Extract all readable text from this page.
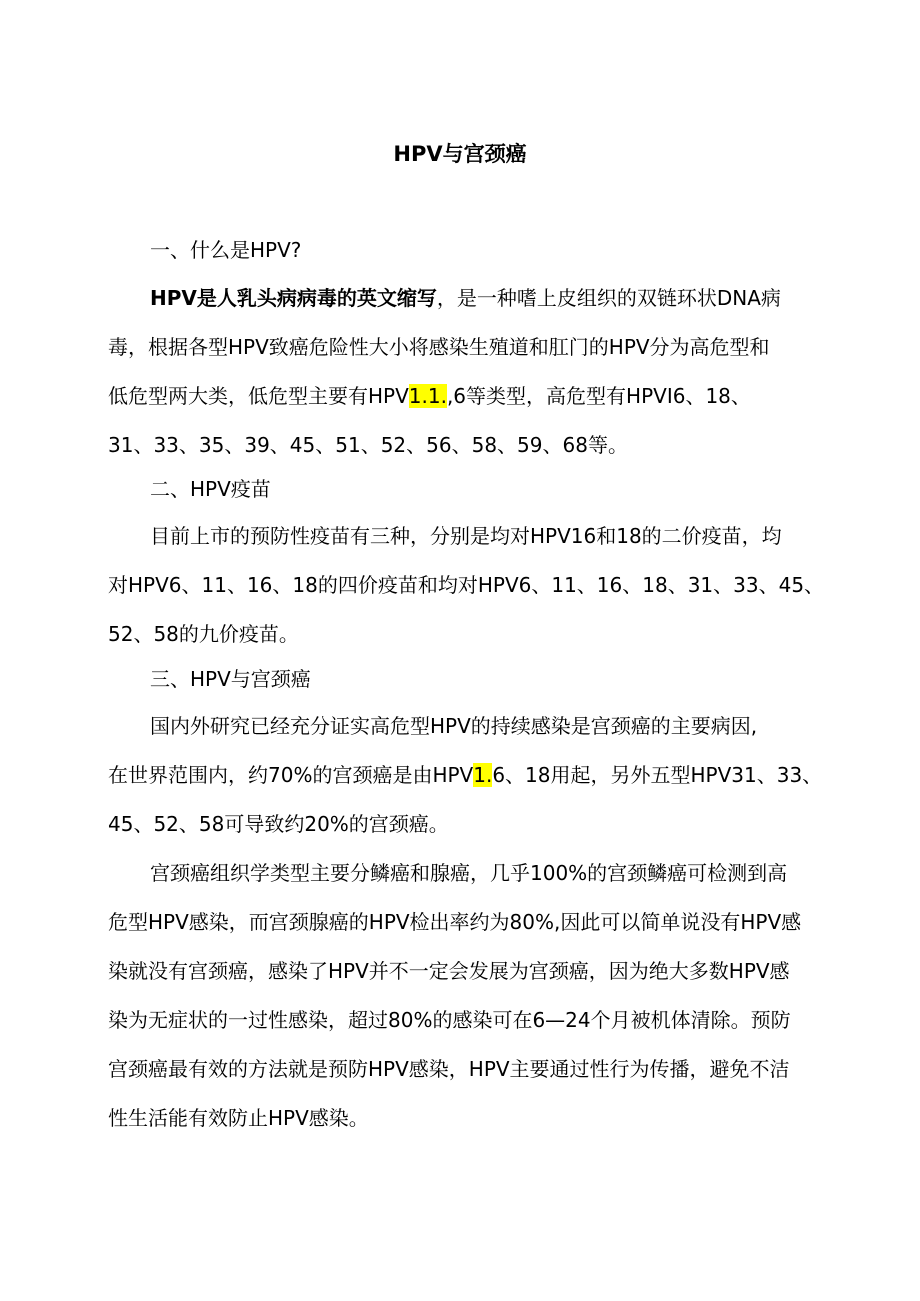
HPV与宫颈癌
一、什么是HPV?
HPV是人乳头病病毒的英文缩写，是一种嗜上皮组织的双链环状DNA病
毒，根据各型HPV致癌危险性大小将感染生殖道和肛门的HPV分为高危型和
低危型两大类，低危型主要有HPV1.1.,6等类型，高危型有HPVI6、18、
31、33、35、39、45、51、52、56、58、59、68等。
二、HPV疫苗
目前上市的预防性疫苗有三种，分别是均对HPV16和18的二价疫苗，均
对HPV6、11、16、18的四价疫苗和均对HPV6、11、16、18、31、33、45、
52、58的九价疫苗。
三、HPV与宫颈癌
国内外研究已经充分证实高危型HPV的持续感染是宫颈癌的主要病因,
在世界范围内，约70%的宫颈癌是由HPV1.6、18用起，另外五型HPV31、33、
45、52、58可导致约20%的宫颈癌。
宫颈癌组织学类型主要分鳞癌和腺癌，几乎100%的宫颈鳞癌可检测到高
危型HPV感染，而宫颈腺癌的HPV检出率约为80%,因此可以简单说没有HPV感
染就没有宫颈癌，感染了HPV并不一定会发展为宫颈癌，因为绝大多数HPV感
染为无症状的一过性感染，超过80%的感染可在6—24个月被机体清除。预防
宫颈癌最有效的方法就是预防HPV感染，HPV主要通过性行为传播，避免不洁
性生活能有效防止HPV感染。
